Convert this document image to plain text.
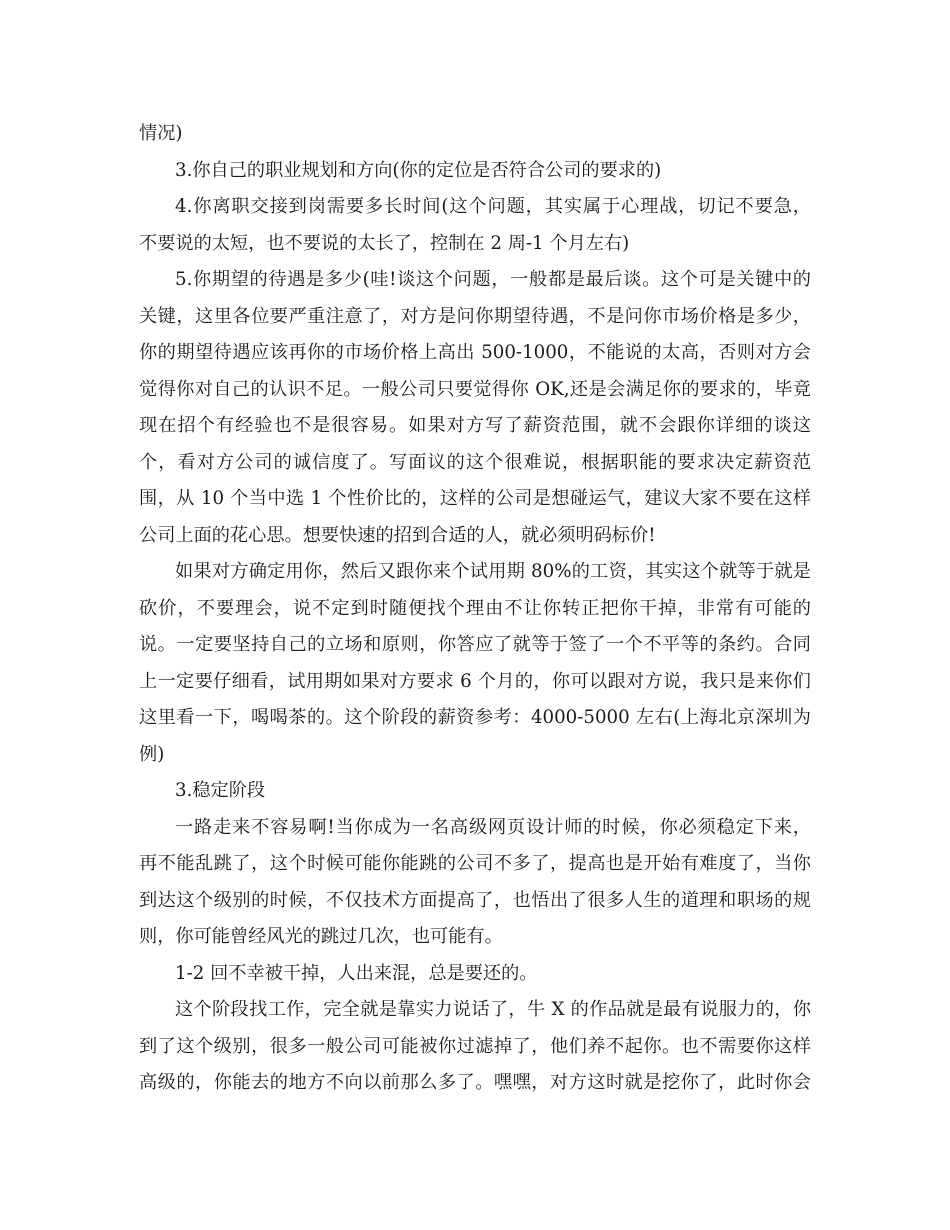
情况)
3.你自己的职业规划和方向(你的定位是否符合公司的要求的)
4.你离职交接到岗需要多长时间(这个问题，其实属于心理战，切记不要急，
不要说的太短，也不要说的太长了，控制在 2 周-1 个月左右)
5.你期望的待遇是多少(哇!谈这个问题，一般都是最后谈。这个可是关键中的
关键，这里各位要严重注意了，对方是问你期望待遇，不是问你市场价格是多少，
你的期望待遇应该再你的市场价格上高出 500-1000，不能说的太高，否则对方会
觉得你对自己的认识不足。一般公司只要觉得你 OK,还是会满足你的要求的，毕竟
现在招个有经验也不是很容易。如果对方写了薪资范围，就不会跟你详细的谈这
个，看对方公司的诚信度了。写面议的这个很难说，根据职能的要求决定薪资范
围，从 10 个当中选 1 个性价比的，这样的公司是想碰运气，建议大家不要在这样
公司上面的花心思。想要快速的招到合适的人，就必须明码标价!
如果对方确定用你，然后又跟你来个试用期 80%的工资，其实这个就等于就是
砍价，不要理会，说不定到时随便找个理由不让你转正把你干掉，非常有可能的
说。一定要坚持自己的立场和原则，你答应了就等于签了一个不平等的条约。合同
上一定要仔细看，试用期如果对方要求 6 个月的，你可以跟对方说，我只是来你们
这里看一下，喝喝茶的。这个阶段的薪资参考：4000-5000 左右(上海北京深圳为
例)
3.稳定阶段
一路走来不容易啊!当你成为一名高级网页设计师的时候，你必须稳定下来，
再不能乱跳了，这个时候可能你能跳的公司不多了，提高也是开始有难度了，当你
到达这个级别的时候，不仅技术方面提高了，也悟出了很多人生的道理和职场的规
则，你可能曾经风光的跳过几次，也可能有。
1-2 回不幸被干掉，人出来混，总是要还的。
这个阶段找工作，完全就是靠实力说话了，牛 X 的作品就是最有说服力的，你
到了这个级别，很多一般公司可能被你过滤掉了，他们养不起你。也不需要你这样
高级的，你能去的地方不向以前那么多了。嘿嘿，对方这时就是挖你了，此时你会
